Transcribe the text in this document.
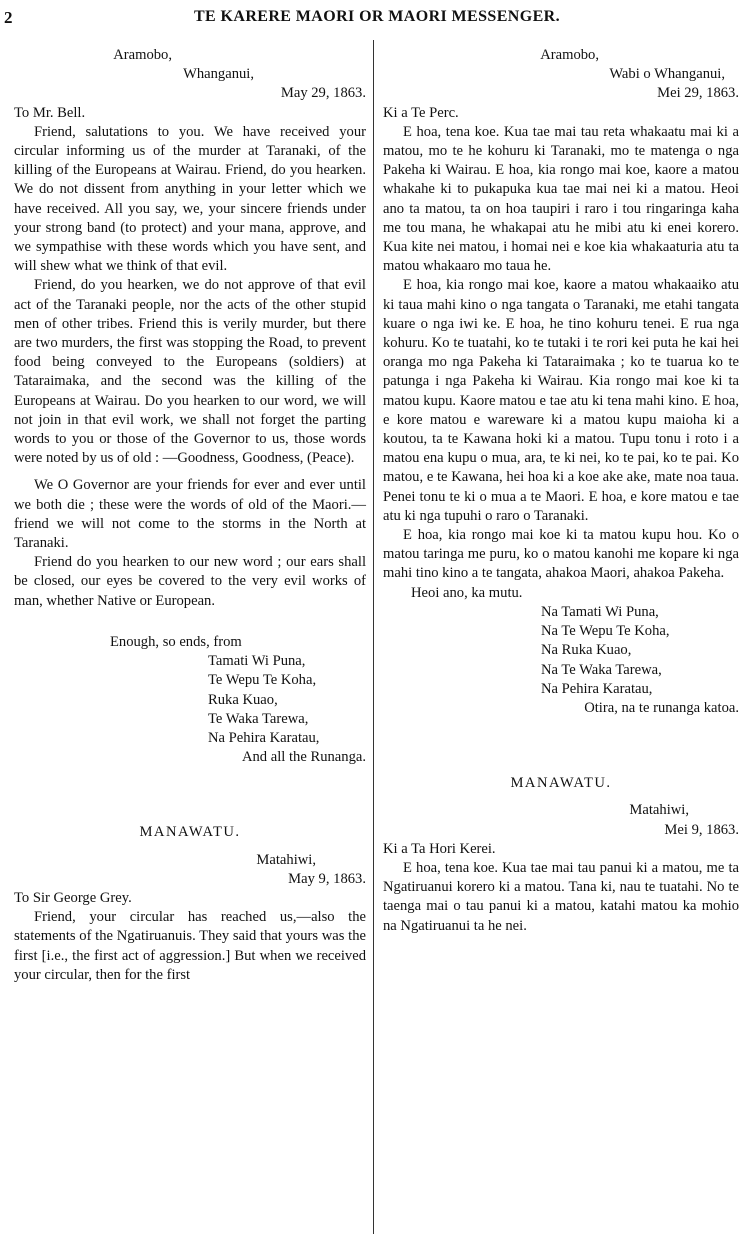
2	TE KARERE MAORI OR MAORI MESSENGER.
Aramobo,
Whanganui,
May 29, 1863.
To Mr. Bell.

Friend, salutations to you. We have received your circular informing us of the murder at Taranaki, of the killing of the Europeans at Wairau. Friend, do you hearken. We do not dissent from anything in your letter which we have received. All you say, we, your sincere friends under your strong band (to protect) and your mana, approve, and we sympathise with these words which you have sent, and will shew what we think of that evil.

Friend, do you hearken, we do not approve of that evil act of the Taranaki people, nor the acts of the other stupid men of other tribes. Friend this is verily murder, but there are two murders, the first was stopping the Road, to prevent food being conveyed to the Europeans (soldiers) at Tataraimaka, and the second was the killing of the Europeans at Wairau. Do you hearken to our word, we will not join in that evil work, we shall not forget the parting words to you or those of the Governor to us, those words were noted by us of old : —Goodness, Goodness, (Peace).

We O Governor are your friends for ever and ever until we both die ; these were the words of old of the Maori.—friend we will not come to the storms in the North at Taranaki.

Friend do you hearken to our new word ; our ears shall be closed, our eyes be covered to the very evil works of man, whether Native or European.

Enough, so ends, from
Tamati Wi Puna,
Te Wepu Te Koha,
Ruka Kuao,
Te Waka Tarewa,
Na Pehira Karatau,
And all the Runanga.
MANAWATU.
Matahiwi,
May 9, 1863.
To Sir George Grey.

Friend, your circular has reached us,—also the statements of the Ngatiruanuis. They said that yours was the first [i.e., the first act of aggression.] But when we received your circular, then for the first

Aramobo,
Wabi o Whanganui,
Mei 29, 1863.
Ki a Te Perc.

E hoa, tena koe. Kua tae mai tau reta whakaatu mai ki a matou, mo te he kohuru ki Taranaki, mo te matenga o nga Pakeha ki Wairau. E hoa, kia rongo mai koe, kaore a matou whakahe ki to pukapuka kua tae mai nei ki a matou. Heoi ano ta matou, ta on hoa taupiri i raro i tou ringaringa kaha me tou mana, he whakapai atu he mibi atu ki enei korero. Kua kite nei matou, i homai nei e koe kia whakaaturia atu ta matou whakaaro mo taua he.

E hoa, kia rongo mai koe, kaore a matou whakaaiko atu ki taua mahi kino o nga tangata o Taranaki, me etahi tangata kuare o nga iwi ke. E hoa, he tino kohuru tenei. E rua nga kohuru. Ko te tuatahi, ko te tutaki i te rori kei puta he kai hei oranga mo nga Pakeha ki Tataraimaka ; ko te tuarua ko te patunga i nga Pakeha ki Wairau. Kia rongo mai koe ki ta matou kupu. Kaore matou e tae atu ki tena mahi kino. E hoa, e kore matou e wareware ki a matou kupu maioha ki a koutou, ta te Kawana hoki ki a matou. Tupu tonu i roto i a matou ena kupu o mua, ara, te ki nei, ko te pai, ko te pai. Ko matou, e te Kawana, hei hoa ki a koe ake ake, mate noa taua. Penei tonu te ki o mua a te Maori. E hoa, e kore matou e tae atu ki nga tupuhi o raro o Taranaki.

E hoa, kia rongo mai koe ki ta matou kupu hou. Ko o matou taringa me puru, ko o matou kanohi me kopare ki nga mahi tino kino a te tangata, ahakoa Maori, ahakoa Pakeha.

Heoi ano, ka mutu.
Na Tamati Wi Puna,
Na Te Wepu Te Koha,
Na Ruka Kuao,
Na Te Waka Tarewa,
Na Pehira Karatau,
Otira, na te runanga katoa.
MANAWATU.
Matahiwi,
Mei 9, 1863.
Ki a Ta Hori Kerei.

E hoa, tena koe. Kua tae mai tau panui ki a matou, me ta Ngatiruanui korero ki a matou. Tana ki, nau te tuatahi. No te taenga mai o tau panui ki a matou, katahi matou ka mohio na Ngatiruanui ta he nei.
